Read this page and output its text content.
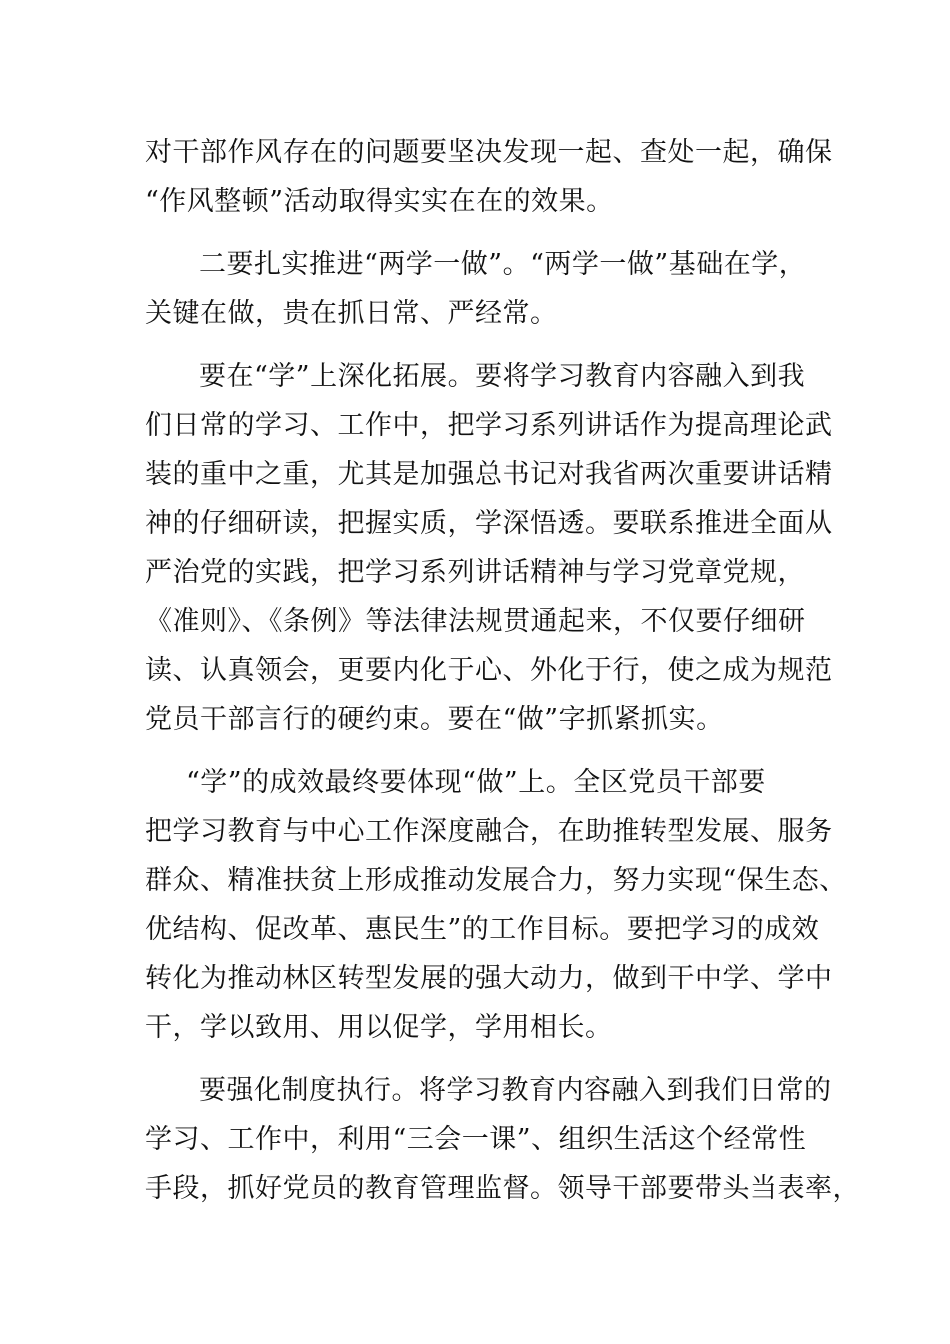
对干部作风存在的问题要坚决发现一起、查处一起，确保
“作风整顿”活动取得实实在在的效果。
二要扎实推进“两学一做”。“两学一做”基础在学，
关键在做，贵在抓日常、严经常。
要在“学”上深化拓展。要将学习教育内容融入到我
们日常的学习、工作中，把学习系列讲话作为提高理论武
装的重中之重，尤其是加强总书记对我省两次重要讲话精
神的仔细研读，把握实质，学深悟透。要联系推进全面从
严治党的实践，把学习系列讲话精神与学习党章党规，
《准则》、《条例》等法律法规贯通起来，不仅要仔细研
读、认真领会，更要内化于心、外化于行，使之成为规范
党员干部言行的硬约束。要在“做”字抓紧抓实。
“学”的成效最终要体现“做”上。全区党员干部要
把学习教育与中心工作深度融合，在助推转型发展、服务
群众、精准扶贫上形成推动发展合力，努力实现“保生态、
优结构、促改革、惠民生”的工作目标。要把学习的成效
转化为推动林区转型发展的强大动力，做到干中学、学中
干，学以致用、用以促学，学用相长。
要强化制度执行。将学习教育内容融入到我们日常的
学习、工作中，利用“三会一课”、组织生活这个经常性
手段，抓好党员的教育管理监督。领导干部要带头当表率，
